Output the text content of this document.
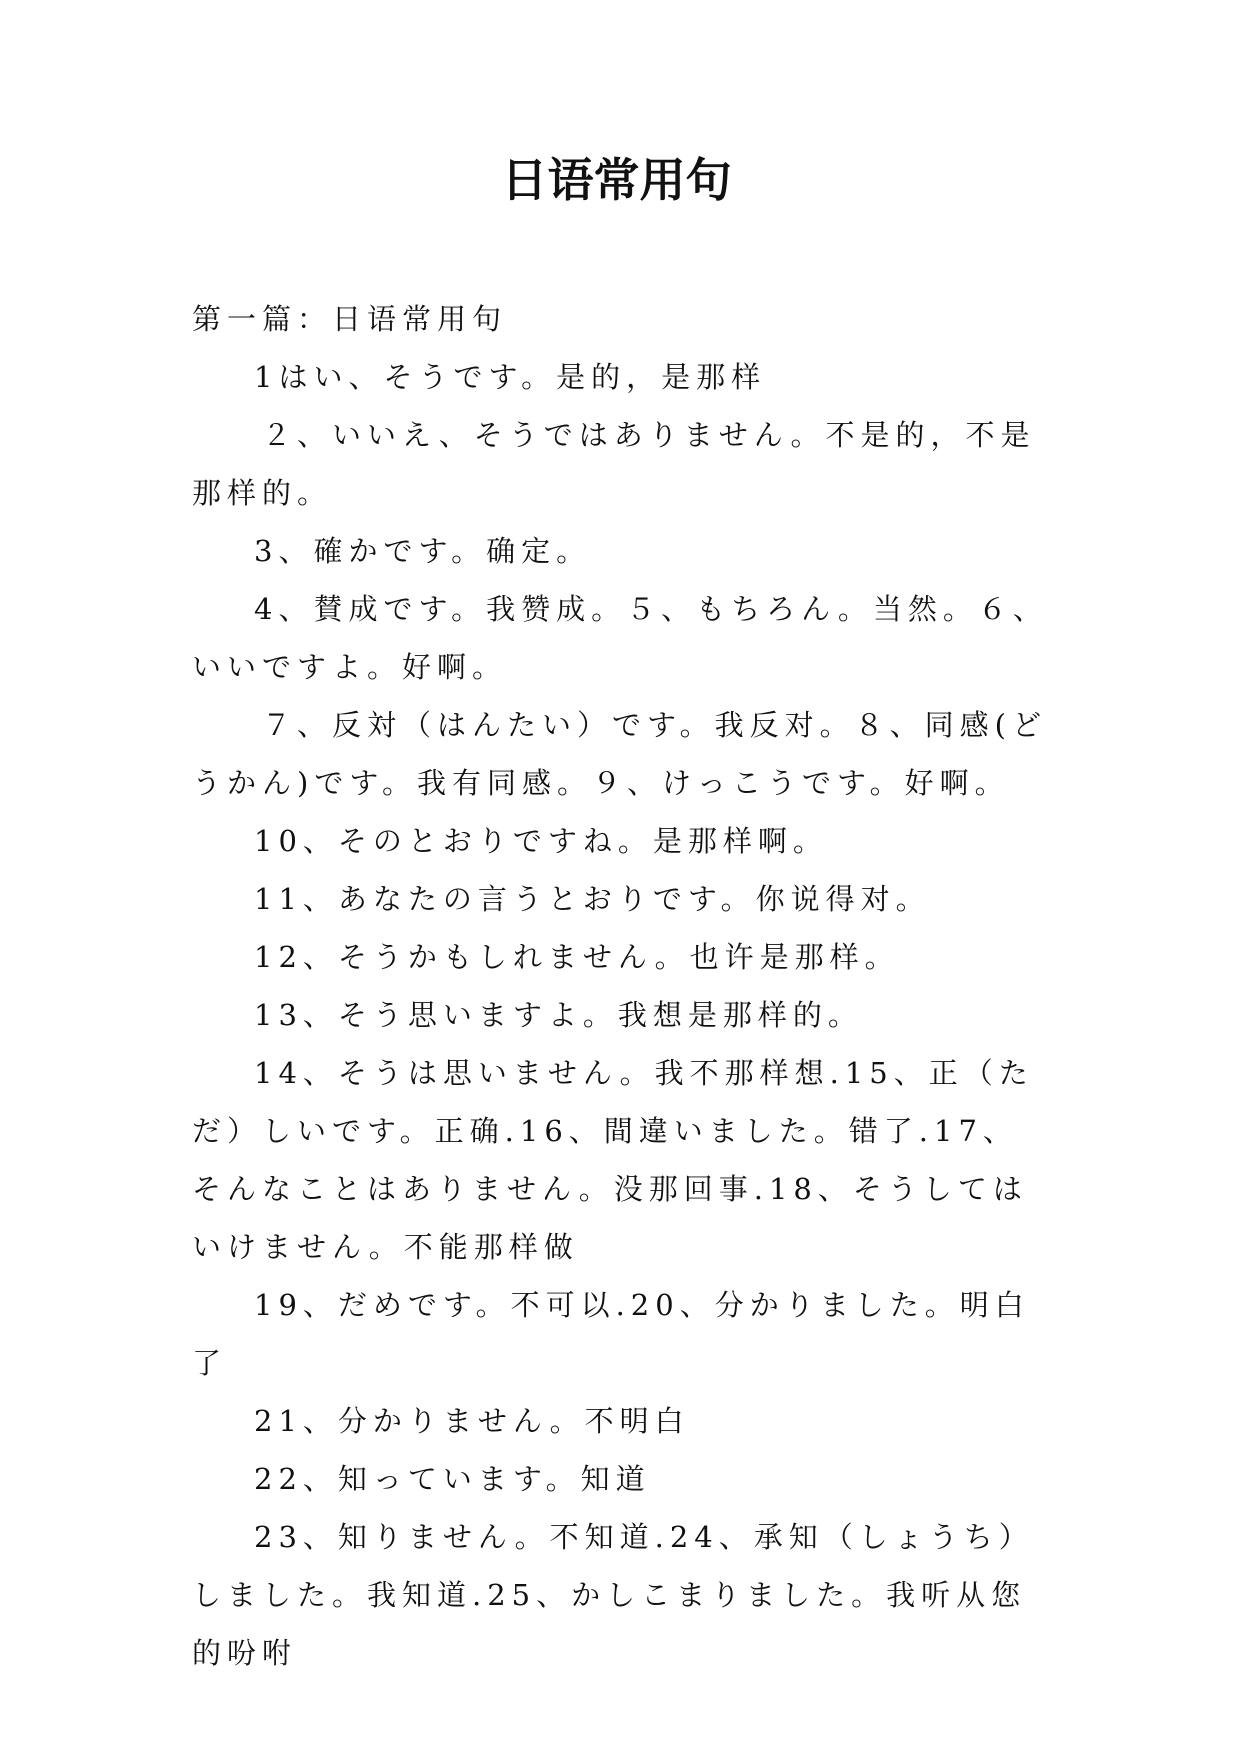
日语常用句

第一篇：日语常用句

1はい、そうです。是的，是那样

２、いいえ、そうではありません。不是的，不是那样的。

3、確かです。确定。

4、賛成です。我赞成。５、もちろん。当然。６、いいですよ。好啊。

７、反対（はんたい）です。我反对。８、同感(どうかん)です。我有同感。９、けっこうです。好啊。

10、そのとおりですね。是那样啊。

11、あなたの言うとおりです。你说得对。

12、そうかもしれません。也许是那样。

13、そう思いますよ。我想是那样的。

14、そうは思いません。我不那样想.15、正（ただ）しいです。正确.16、間違いました。错了.17、そんなことはありません。没那回事.18、そうしてはいけません。不能那样做

19、だめです。不可以.20、分かりました。明白了

21、分かりません。不明白

22、知っています。知道

23、知りません。不知道.24、承知（しょうち）しました。我知道.25、かしこまりました。我听从您的吩咐
